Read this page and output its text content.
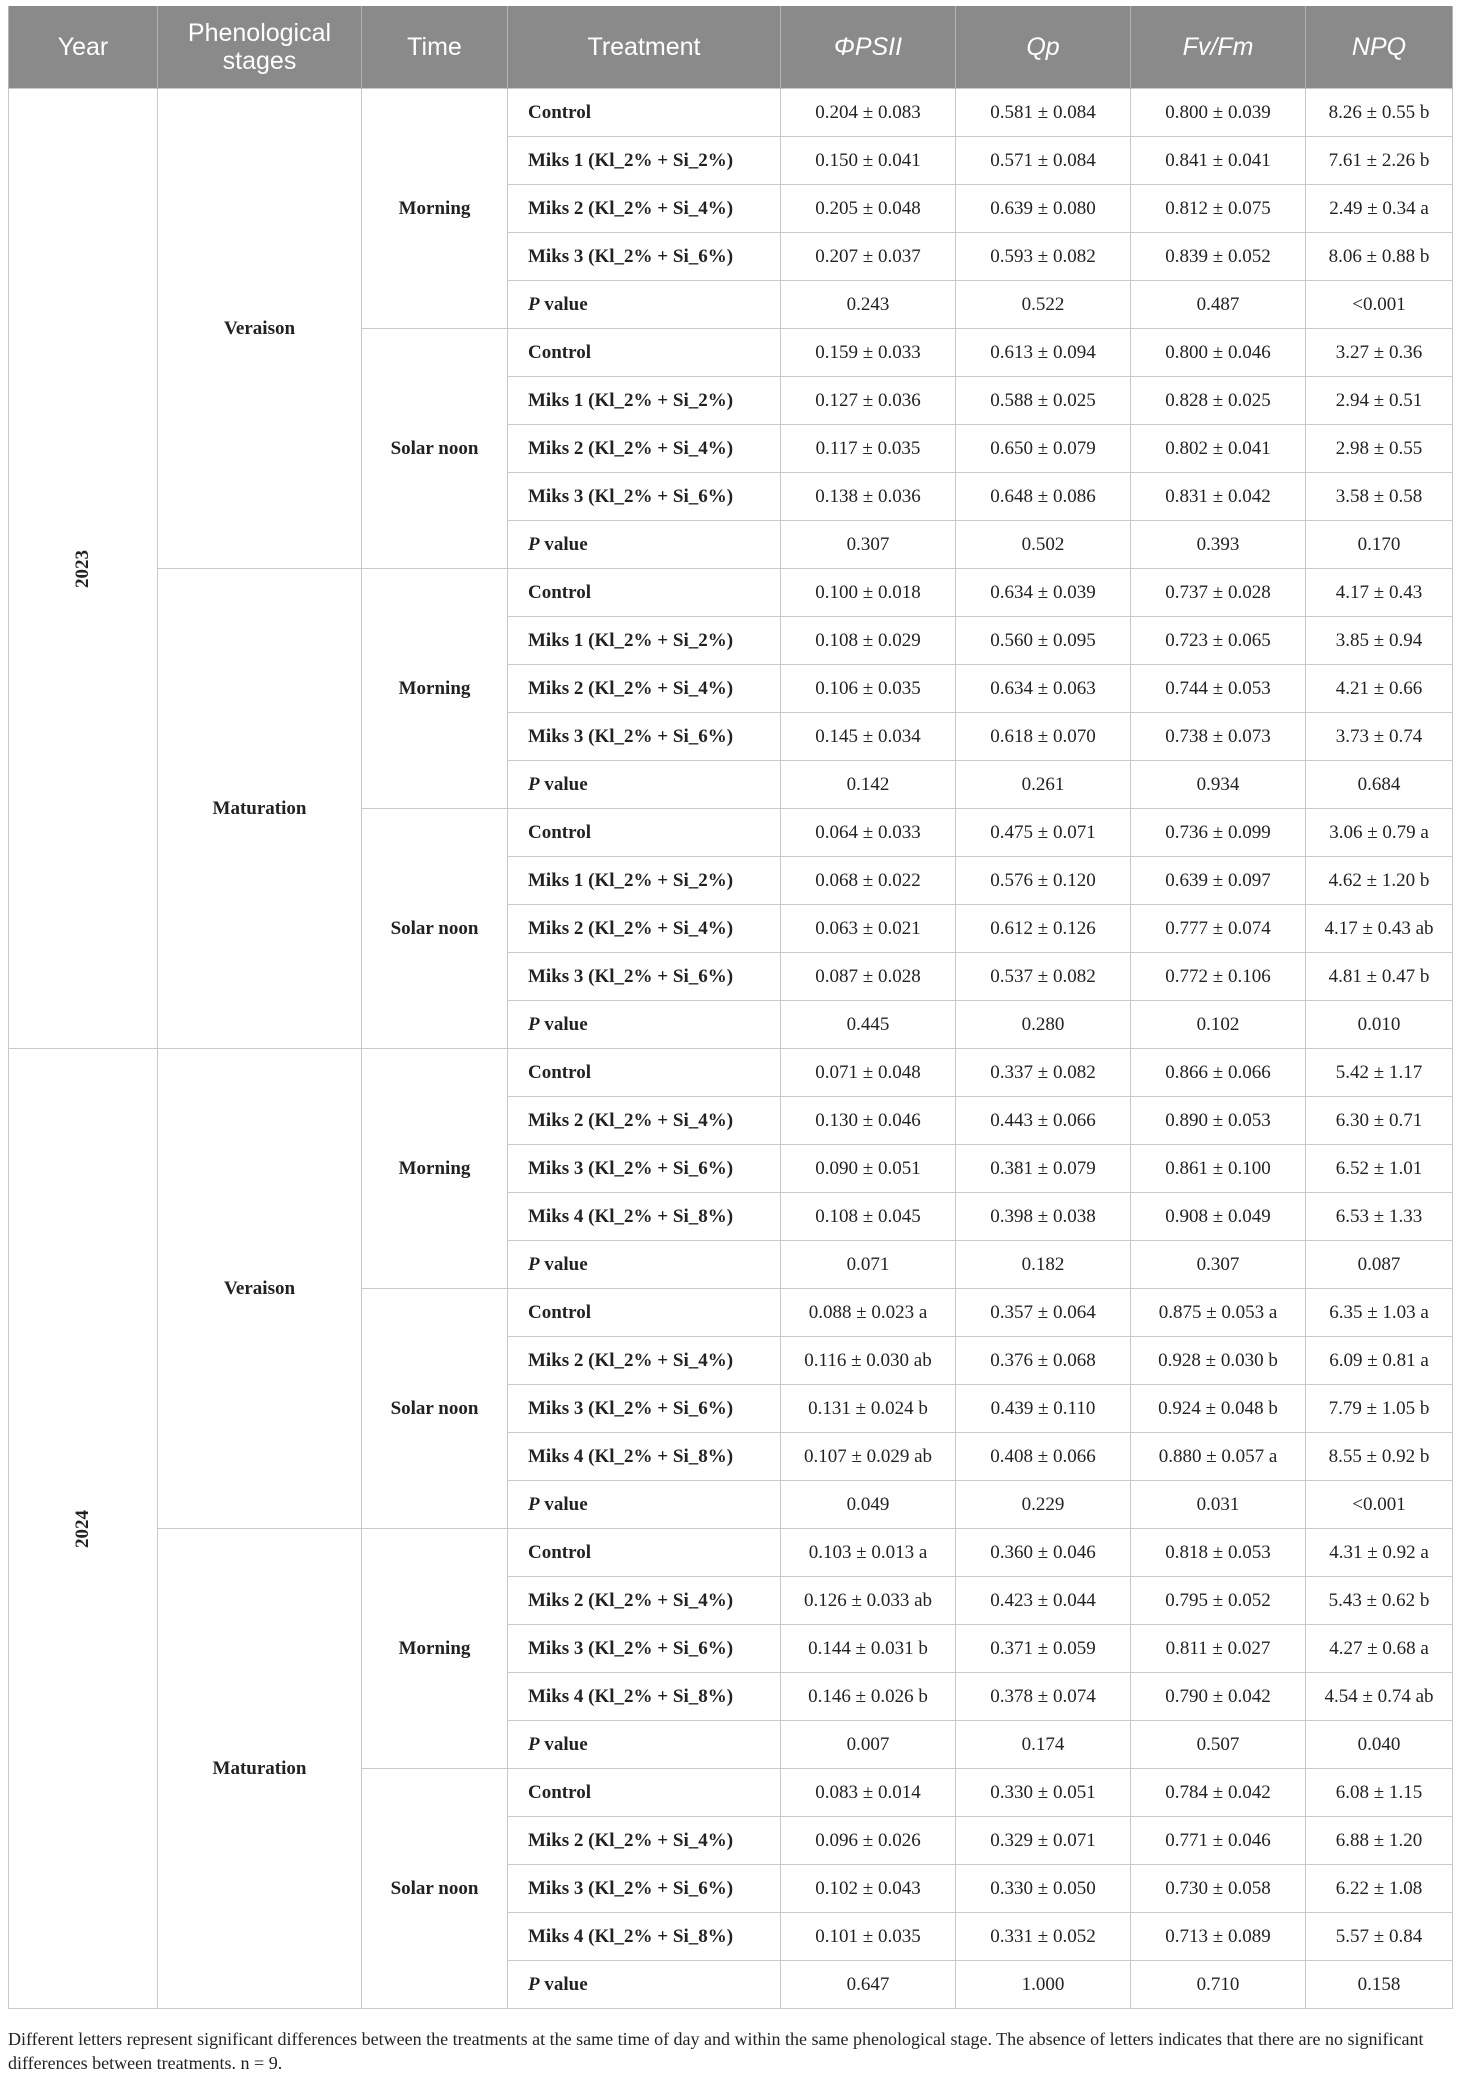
Year	Phenological stages	Time	Treatment	ΦPSII	Qp	Fv/Fm	NPQ
2023	Veraison	Morning	Control	0.204 ± 0.083	0.581 ± 0.084	0.800 ± 0.039	8.26 ± 0.55 b
			Miks 1 (Kl_2% + Si_2%)	0.150 ± 0.041	0.571 ± 0.084	0.841 ± 0.041	7.61 ± 2.26 b
			Miks 2 (Kl_2% + Si_4%)	0.205 ± 0.048	0.639 ± 0.080	0.812 ± 0.075	2.49 ± 0.34 a
			Miks 3 (Kl_2% + Si_6%)	0.207 ± 0.037	0.593 ± 0.082	0.839 ± 0.052	8.06 ± 0.88 b
			P value	0.243	0.522	0.487	<0.001
		Solar noon	Control	0.159 ± 0.033	0.613 ± 0.094	0.800 ± 0.046	3.27 ± 0.36
			Miks 1 (Kl_2% + Si_2%)	0.127 ± 0.036	0.588 ± 0.025	0.828 ± 0.025	2.94 ± 0.51
			Miks 2 (Kl_2% + Si_4%)	0.117 ± 0.035	0.650 ± 0.079	0.802 ± 0.041	2.98 ± 0.55
			Miks 3 (Kl_2% + Si_6%)	0.138 ± 0.036	0.648 ± 0.086	0.831 ± 0.042	3.58 ± 0.58
			P value	0.307	0.502	0.393	0.170
	Maturation	Morning	Control	0.100 ± 0.018	0.634 ± 0.039	0.737 ± 0.028	4.17 ± 0.43
			Miks 1 (Kl_2% + Si_2%)	0.108 ± 0.029	0.560 ± 0.095	0.723 ± 0.065	3.85 ± 0.94
			Miks 2 (Kl_2% + Si_4%)	0.106 ± 0.035	0.634 ± 0.063	0.744 ± 0.053	4.21 ± 0.66
			Miks 3 (Kl_2% + Si_6%)	0.145 ± 0.034	0.618 ± 0.070	0.738 ± 0.073	3.73 ± 0.74
			P value	0.142	0.261	0.934	0.684
		Solar noon	Control	0.064 ± 0.033	0.475 ± 0.071	0.736 ± 0.099	3.06 ± 0.79 a
			Miks 1 (Kl_2% + Si_2%)	0.068 ± 0.022	0.576 ± 0.120	0.639 ± 0.097	4.62 ± 1.20 b
			Miks 2 (Kl_2% + Si_4%)	0.063 ± 0.021	0.612 ± 0.126	0.777 ± 0.074	4.17 ± 0.43 ab
			Miks 3 (Kl_2% + Si_6%)	0.087 ± 0.028	0.537 ± 0.082	0.772 ± 0.106	4.81 ± 0.47 b
			P value	0.445	0.280	0.102	0.010
2024	Veraison	Morning	Control	0.071 ± 0.048	0.337 ± 0.082	0.866 ± 0.066	5.42 ± 1.17
			Miks 2 (Kl_2% + Si_4%)	0.130 ± 0.046	0.443 ± 0.066	0.890 ± 0.053	6.30 ± 0.71
			Miks 3 (Kl_2% + Si_6%)	0.090 ± 0.051	0.381 ± 0.079	0.861 ± 0.100	6.52 ± 1.01
			Miks 4 (Kl_2% + Si_8%)	0.108 ± 0.045	0.398 ± 0.038	0.908 ± 0.049	6.53 ± 1.33
			P value	0.071	0.182	0.307	0.087
		Solar noon	Control	0.088 ± 0.023 a	0.357 ± 0.064	0.875 ± 0.053 a	6.35 ± 1.03 a
			Miks 2 (Kl_2% + Si_4%)	0.116 ± 0.030 ab	0.376 ± 0.068	0.928 ± 0.030 b	6.09 ± 0.81 a
			Miks 3 (Kl_2% + Si_6%)	0.131 ± 0.024 b	0.439 ± 0.110	0.924 ± 0.048 b	7.79 ± 1.05 b
			Miks 4 (Kl_2% + Si_8%)	0.107 ± 0.029 ab	0.408 ± 0.066	0.880 ± 0.057 a	8.55 ± 0.92 b
			P value	0.049	0.229	0.031	<0.001
	Maturation	Morning	Control	0.103 ± 0.013 a	0.360 ± 0.046	0.818 ± 0.053	4.31 ± 0.92 a
			Miks 2 (Kl_2% + Si_4%)	0.126 ± 0.033 ab	0.423 ± 0.044	0.795 ± 0.052	5.43 ± 0.62 b
			Miks 3 (Kl_2% + Si_6%)	0.144 ± 0.031 b	0.371 ± 0.059	0.811 ± 0.027	4.27 ± 0.68 a
			Miks 4 (Kl_2% + Si_8%)	0.146 ± 0.026 b	0.378 ± 0.074	0.790 ± 0.042	4.54 ± 0.74 ab
			P value	0.007	0.174	0.507	0.040
		Solar noon	Control	0.083 ± 0.014	0.330 ± 0.051	0.784 ± 0.042	6.08 ± 1.15
			Miks 2 (Kl_2% + Si_4%)	0.096 ± 0.026	0.329 ± 0.071	0.771 ± 0.046	6.88 ± 1.20
			Miks 3 (Kl_2% + Si_6%)	0.102 ± 0.043	0.330 ± 0.050	0.730 ± 0.058	6.22 ± 1.08
			Miks 4 (Kl_2% + Si_8%)	0.101 ± 0.035	0.331 ± 0.052	0.713 ± 0.089	5.57 ± 0.84
			P value	0.647	1.000	0.710	0.158
Different letters represent significant differences between the treatments at the same time of day and within the same phenological stage. The absence of letters indicates that there are no significant differences between treatments. n = 9.
